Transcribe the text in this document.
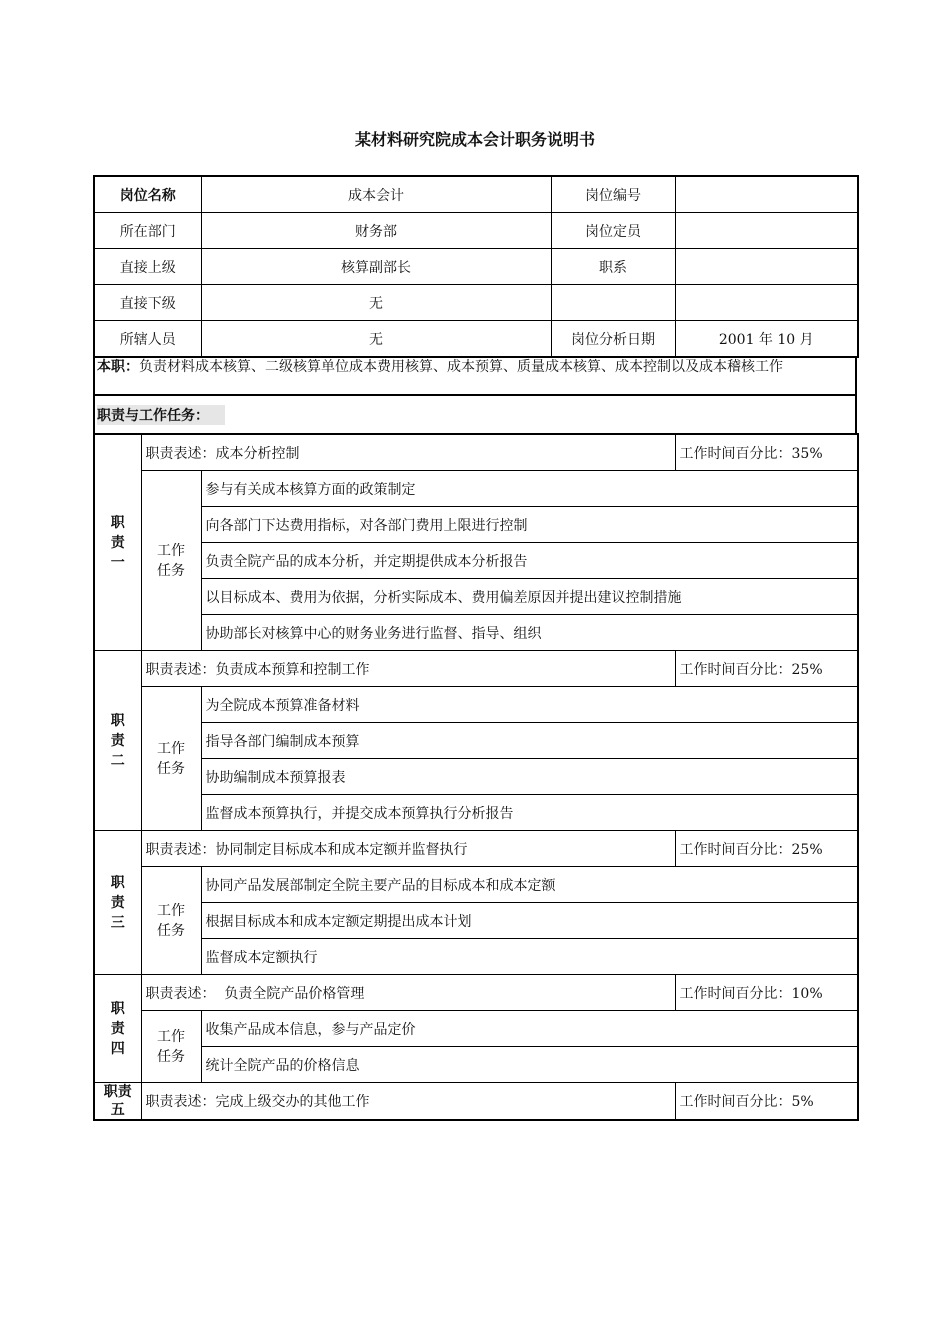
某材料研究院成本会计职务说明书
岗位名称	成本会计	岗位编号	
所在部门	财务部	岗位定员	
直接上级	核算副部长	职系	
直接下级	无		
所辖人员	无	岗位分析日期	2001 年 10 月
本职：负责材料成本核算、二级核算单位成本费用核算、成本预算、质量成本核算、成本控制以及成本稽核工作
职责与工作任务：
职责一	职责表述：成本分析控制		工作时间百分比：35%
	工作任务	参与有关成本核算方面的政策制定	
		向各部门下达费用指标，对各部门费用上限进行控制	
		负责全院产品的成本分析，并定期提供成本分析报告	
		以目标成本、费用为依据，分析实际成本、费用偏差原因并提出建议控制措施	
		协助部长对核算中心的财务业务进行监督、指导、组织	
职责二	职责表述：负责成本预算和控制工作		工作时间百分比：25%
	工作任务	为全院成本预算准备材料	
		指导各部门编制成本预算	
		协助编制成本预算报表	
		监督成本预算执行，并提交成本预算执行分析报告	
职责三	职责表述：协同制定目标成本和成本定额并监督执行		工作时间百分比：25%
	工作任务	协同产品发展部制定全院主要产品的目标成本和成本定额	
		根据目标成本和成本定额定期提出成本计划	
		监督成本定额执行	
职责四	职责表述：  负责全院产品价格管理		工作时间百分比：10%
	工作任务	收集产品成本信息，参与产品定价	
		统计全院产品的价格信息	
职责五	职责表述：完成上级交办的其他工作		工作时间百分比：5%
